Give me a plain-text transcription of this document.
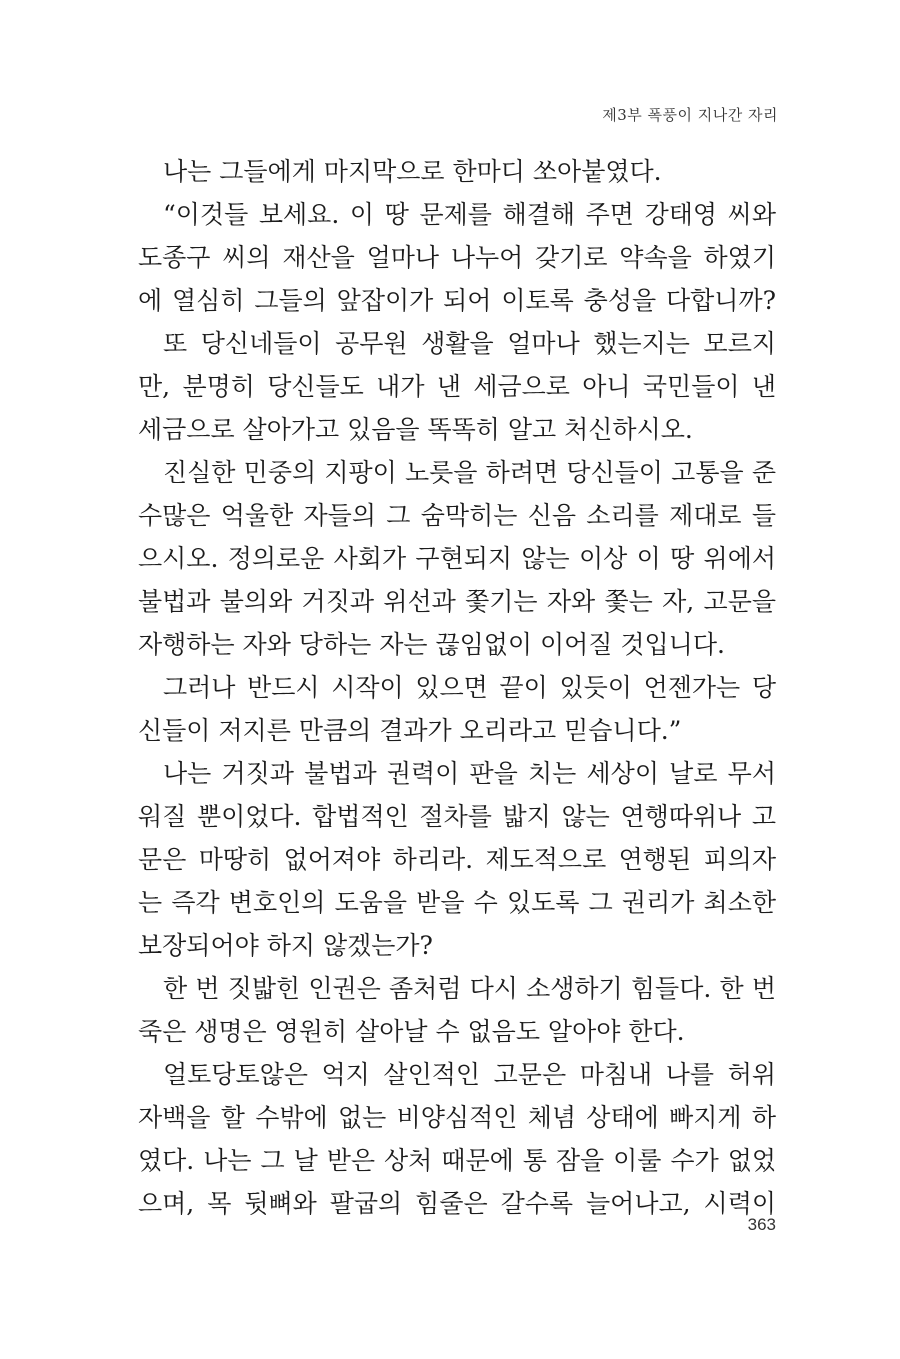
제3부 폭풍이 지나간 자리
나는 그들에게 마지막으로 한마디 쏘아붙였다.
“이것들 보세요. 이 땅 문제를 해결해 주면 강태영 씨와
도종구 씨의 재산을 얼마나 나누어 갖기로 약속을 하였기
에 열심히 그들의 앞잡이가 되어 이토록 충성을 다합니까?
또 당신네들이 공무원 생활을 얼마나 했는지는 모르지
만, 분명히 당신들도 내가 낸 세금으로 아니 국민들이 낸
세금으로 살아가고 있음을 똑똑히 알고 처신하시오.
진실한 민중의 지팡이 노릇을 하려면 당신들이 고통을 준
수많은 억울한 자들의 그 숨막히는 신음 소리를 제대로 들
으시오. 정의로운 사회가 구현되지 않는 이상 이 땅 위에서
불법과 불의와 거짓과 위선과 쫓기는 자와 쫓는 자, 고문을
자행하는 자와 당하는 자는 끊임없이 이어질 것입니다.
그러나 반드시 시작이 있으면 끝이 있듯이 언젠가는 당
신들이 저지른 만큼의 결과가 오리라고 믿습니다.”
나는 거짓과 불법과 권력이 판을 치는 세상이 날로 무서
워질 뿐이었다. 합법적인 절차를 밟지 않는 연행따위나 고
문은 마땅히 없어져야 하리라. 제도적으로 연행된 피의자
는 즉각 변호인의 도움을 받을 수 있도록 그 권리가 최소한
보장되어야 하지 않겠는가?
한 번 짓밟힌 인권은 좀처럼 다시 소생하기 힘들다. 한 번
죽은 생명은 영원히 살아날 수 없음도 알아야 한다.
얼토당토않은 억지 살인적인 고문은 마침내 나를 허위
자백을 할 수밖에 없는 비양심적인 체념 상태에 빠지게 하
였다. 나는 그 날 받은 상처 때문에 통 잠을 이룰 수가 없었
으며, 목 뒷뼈와 팔굽의 힘줄은 갈수록 늘어나고, 시력이
363
